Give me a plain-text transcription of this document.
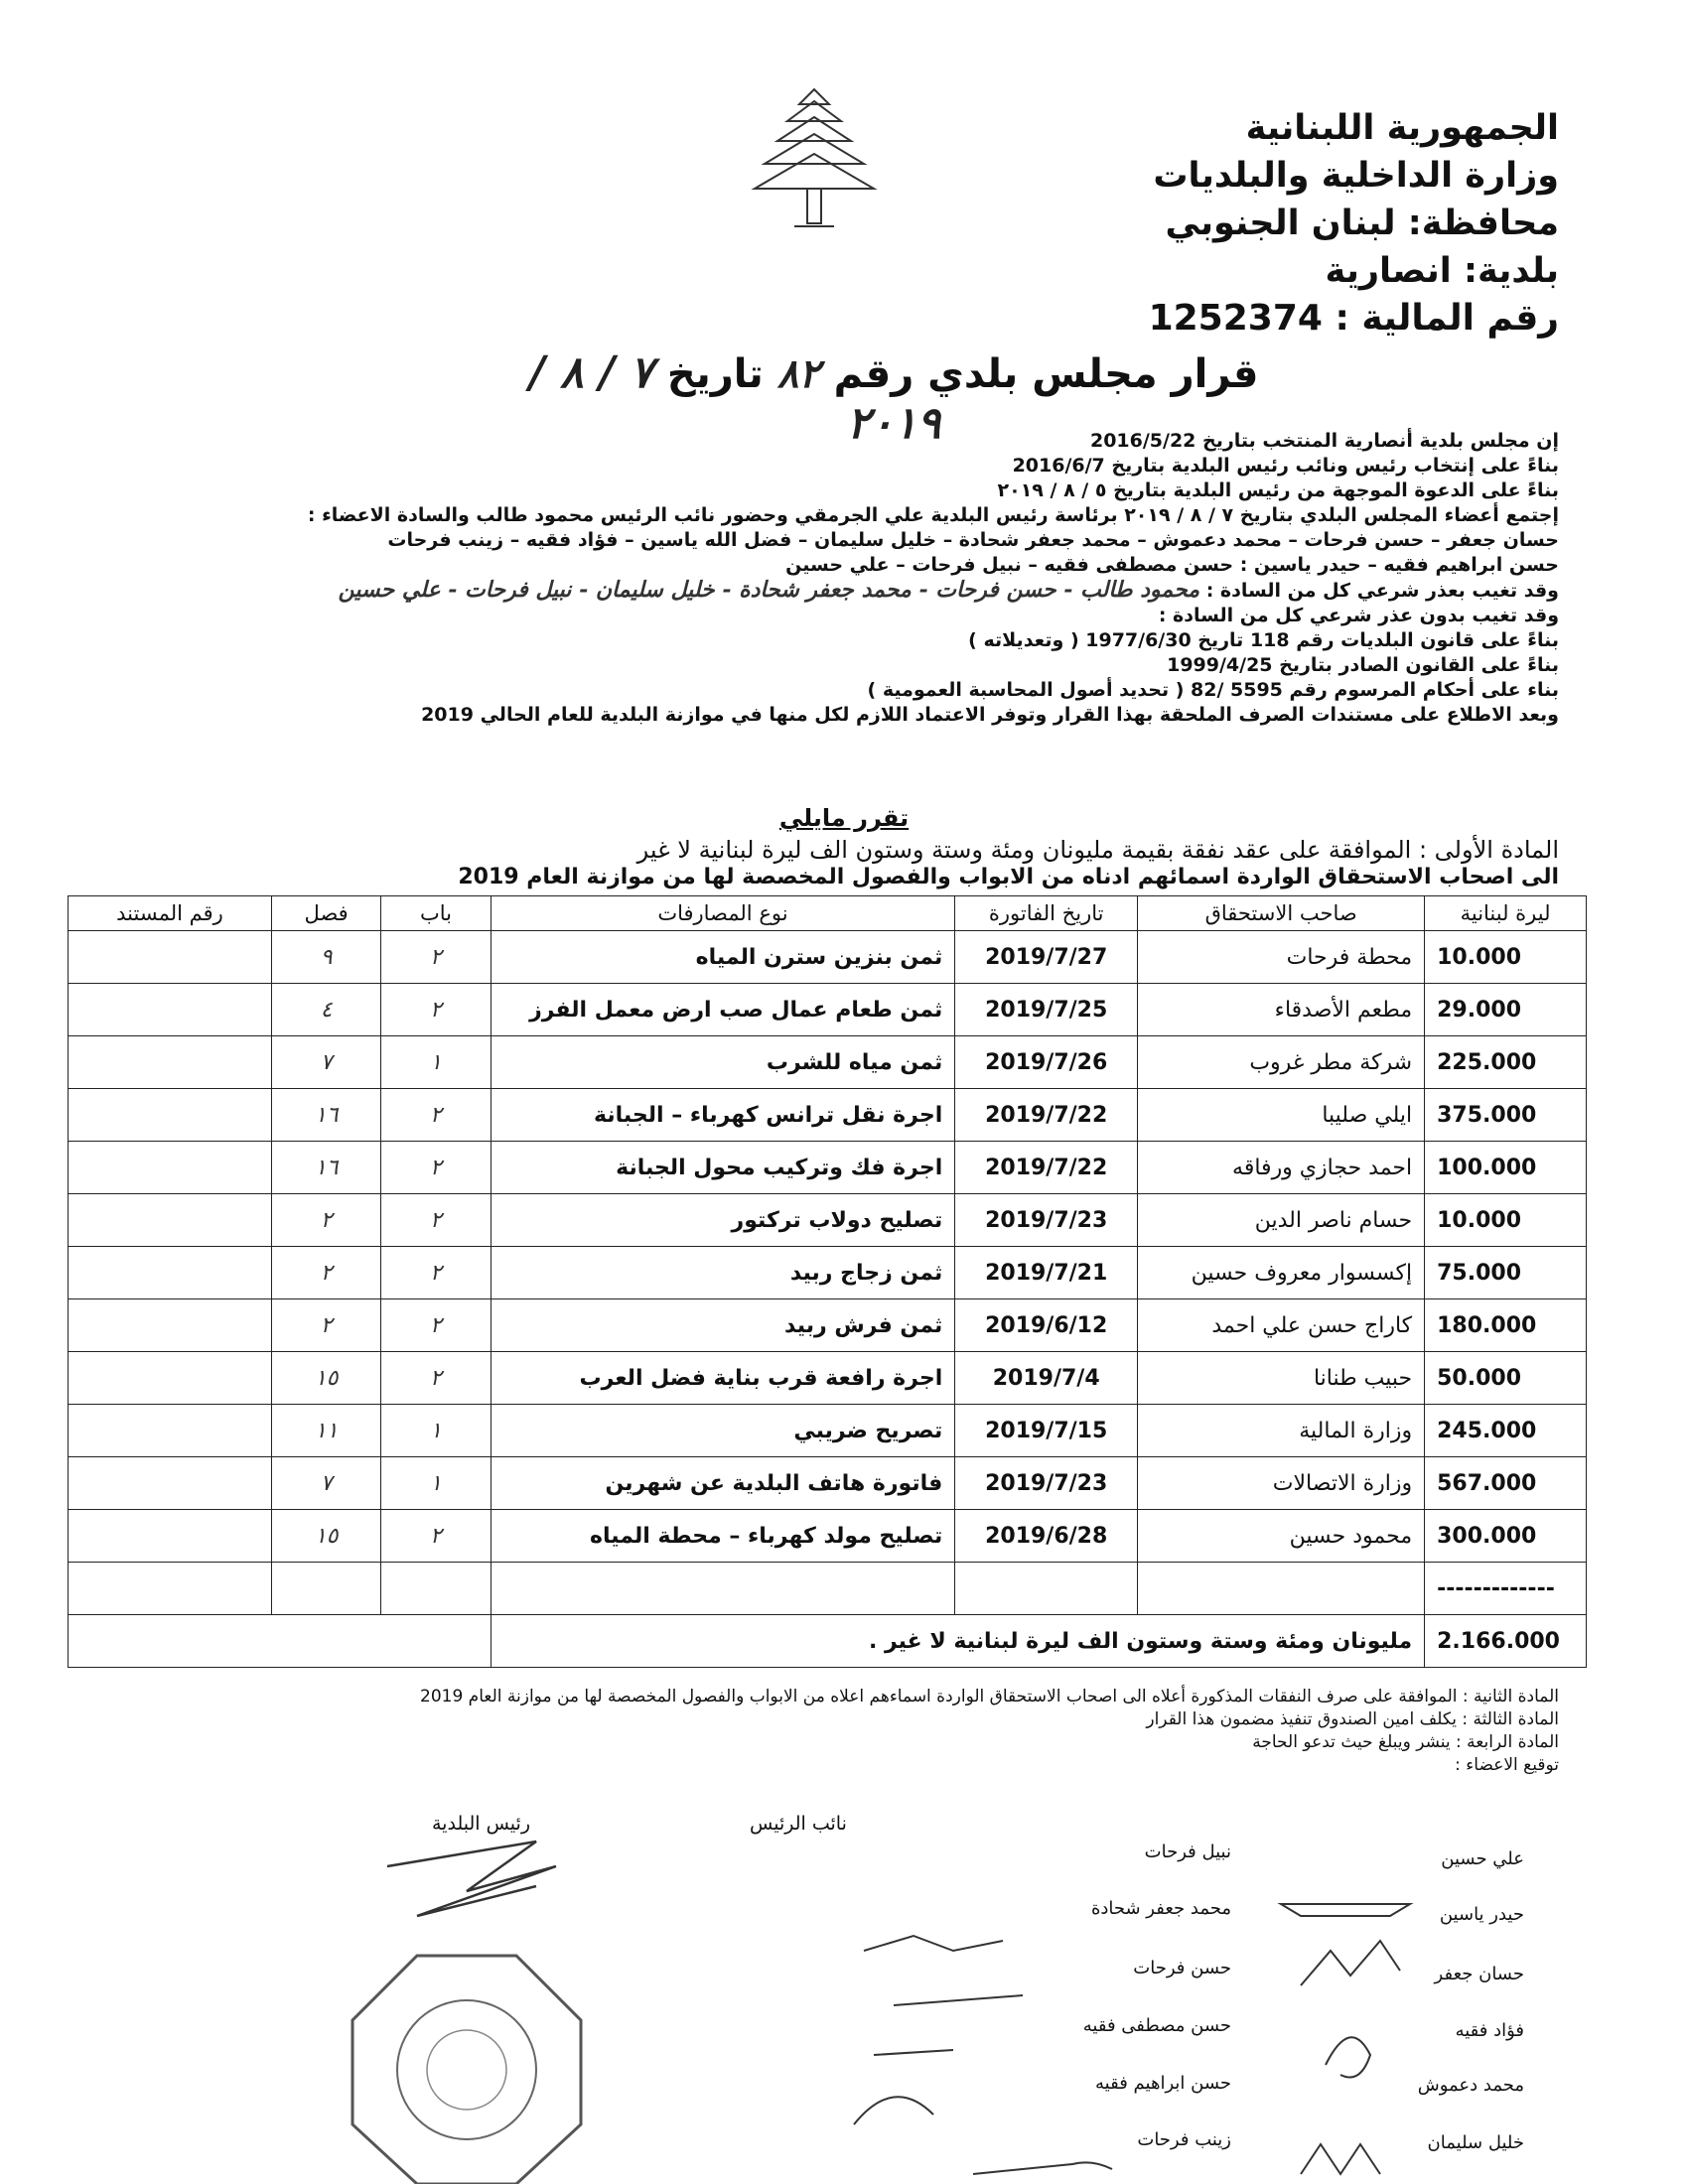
الجمهورية اللبنانية
وزارة الداخلية والبلديات
محافظة: لبنان الجنوبي
بلدية: انصارية
رقم المالية : 1252374
قرار مجلس بلدي رقم ٨٢ تاريخ ٧ / ٨ / ٢٠١٩	إن مجلس بلدية أنصارية المنتخب بتاريخ 2016/5/22
بناءً على إنتخاب رئيس ونائب رئيس البلدية بتاريخ 2016/6/7
بناءً على الدعوة الموجهة من رئيس البلدية بتاريخ ٥ / ٨ / ٢٠١٩
إجتمع أعضاء المجلس البلدي بتاريخ ٧ / ٨ / ٢٠١٩ برئاسة رئيس البلدية علي الجرمقي وحضور نائب الرئيس محمود طالب والسادة الاعضاء :
حسان جعفر – حسن فرحات – محمد دعموش – محمد جعفر شحادة – خليل سليمان – فضل الله ياسين – فؤاد فقيه – زينب فرحات
حسن ابراهيم فقيه – حيدر ياسين : حسن مصطفى فقيه – نبيل فرحات – علي حسين
وقد تغيب بعذر شرعي كل من السادة : محمود طالب - حسن فرحات - محمد جعفر شحادة - خليل سليمان - نبيل فرحات - علي حسين
وقد تغيب بدون عذر شرعي كل من السادة :
بناءً على قانون البلديات رقم 118 تاريخ 1977/6/30 ( وتعديلاته )
بناءً على القانون الصادر بتاريخ 1999/4/25
بناء على أحكام المرسوم رقم 5595 /82 ( تحديد أصول المحاسبة العمومية )
وبعد الاطلاع على مستندات الصرف الملحقة بهذا القرار وتوفر الاعتماد اللازم لكل منها في موازنة البلدية للعام الحالي 2019
تقرر مايلي
المادة الأولى : الموافقة على عقد نفقة بقيمة مليونان ومئة وستة وستون الف ليرة لبنانية لا غير
الى اصحاب الاستحقاق الواردة اسمائهم ادناه من الابواب والفصول المخصصة لها من موازنة العام 2019
ليرة لبنانية	صاحب الاستحقاق	تاريخ الفاتورة	نوع المصارفات	باب	فصل	رقم المستند
10.000	محطة فرحات	2019/7/27	ثمن بنزين سترن المياه	٢	٩	
29.000	مطعم الأصدقاء	2019/7/25	ثمن طعام عمال صب ارض معمل الفرز	٢	٤	
225.000	شركة مطر غروب	2019/7/26	ثمن مياه للشرب	١	٧	
375.000	ايلي صليبا	2019/7/22	اجرة نقل ترانس كهرباء – الجبانة	٢	١٦	
100.000	احمد حجازي ورفاقه	2019/7/22	اجرة فك وتركيب محول الجبانة	٢	١٦	
10.000	حسام ناصر الدين	2019/7/23	تصليح دولاب تركتور	٢	٢	
75.000	إكسسوار معروف حسين	2019/7/21	ثمن زجاج ربيد	٢	٢	
180.000	كاراج حسن علي احمد	2019/6/12	ثمن فرش ربيد	٢	٢	
50.000	حبيب طنانا	2019/7/4	اجرة رافعة قرب بناية فضل العرب	٢	١٥	
245.000	وزارة المالية	2019/7/15	تصريح ضريبي	١	١١	
567.000	وزارة الاتصالات	2019/7/23	فاتورة هاتف البلدية عن شهرين	١	٧	
300.000	محمود حسين	2019/6/28	تصليح مولد كهرباء – محطة المياه	٢	١٥	
-------------						
2.166.000	مليونان ومئة وستة وستون الف ليرة لبنانية لا غير .					
المادة الثانية : الموافقة على صرف النفقات المذكورة أعلاه الى اصحاب الاستحقاق الواردة اسماءهم اعلاه من الابواب والفصول المخصصة لها من موازنة العام 2019
المادة الثالثة : يكلف امين الصندوق تنفيذ مضمون هذا القرار
المادة الرابعة : ينشر ويبلغ حيث تدعو الحاجة
توقيع الاعضاء :
رئيس البلدية	نائب الرئيس
علي حسين
حيدر ياسين
حسان جعفر
فؤاد فقيه
محمد دعموش
خليل سليمان
نبيل فرحات
محمد جعفر شحادة
حسن فرحات
حسن مصطفى فقيه
حسن ابراهيم فقيه
زينب فرحات
